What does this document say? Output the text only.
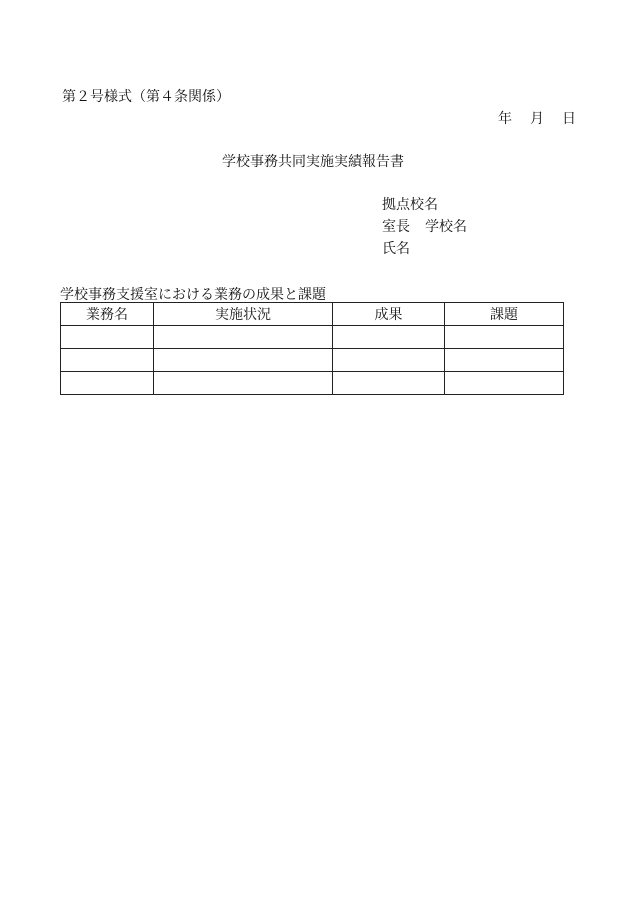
第２号様式（第４条関係）
年 月 日
学校事務共同実施実績報告書
拠点校名
室長 学校名
氏名
学校事務支援室における業務の成果と課題
業務名	実施状況	成果	課題
